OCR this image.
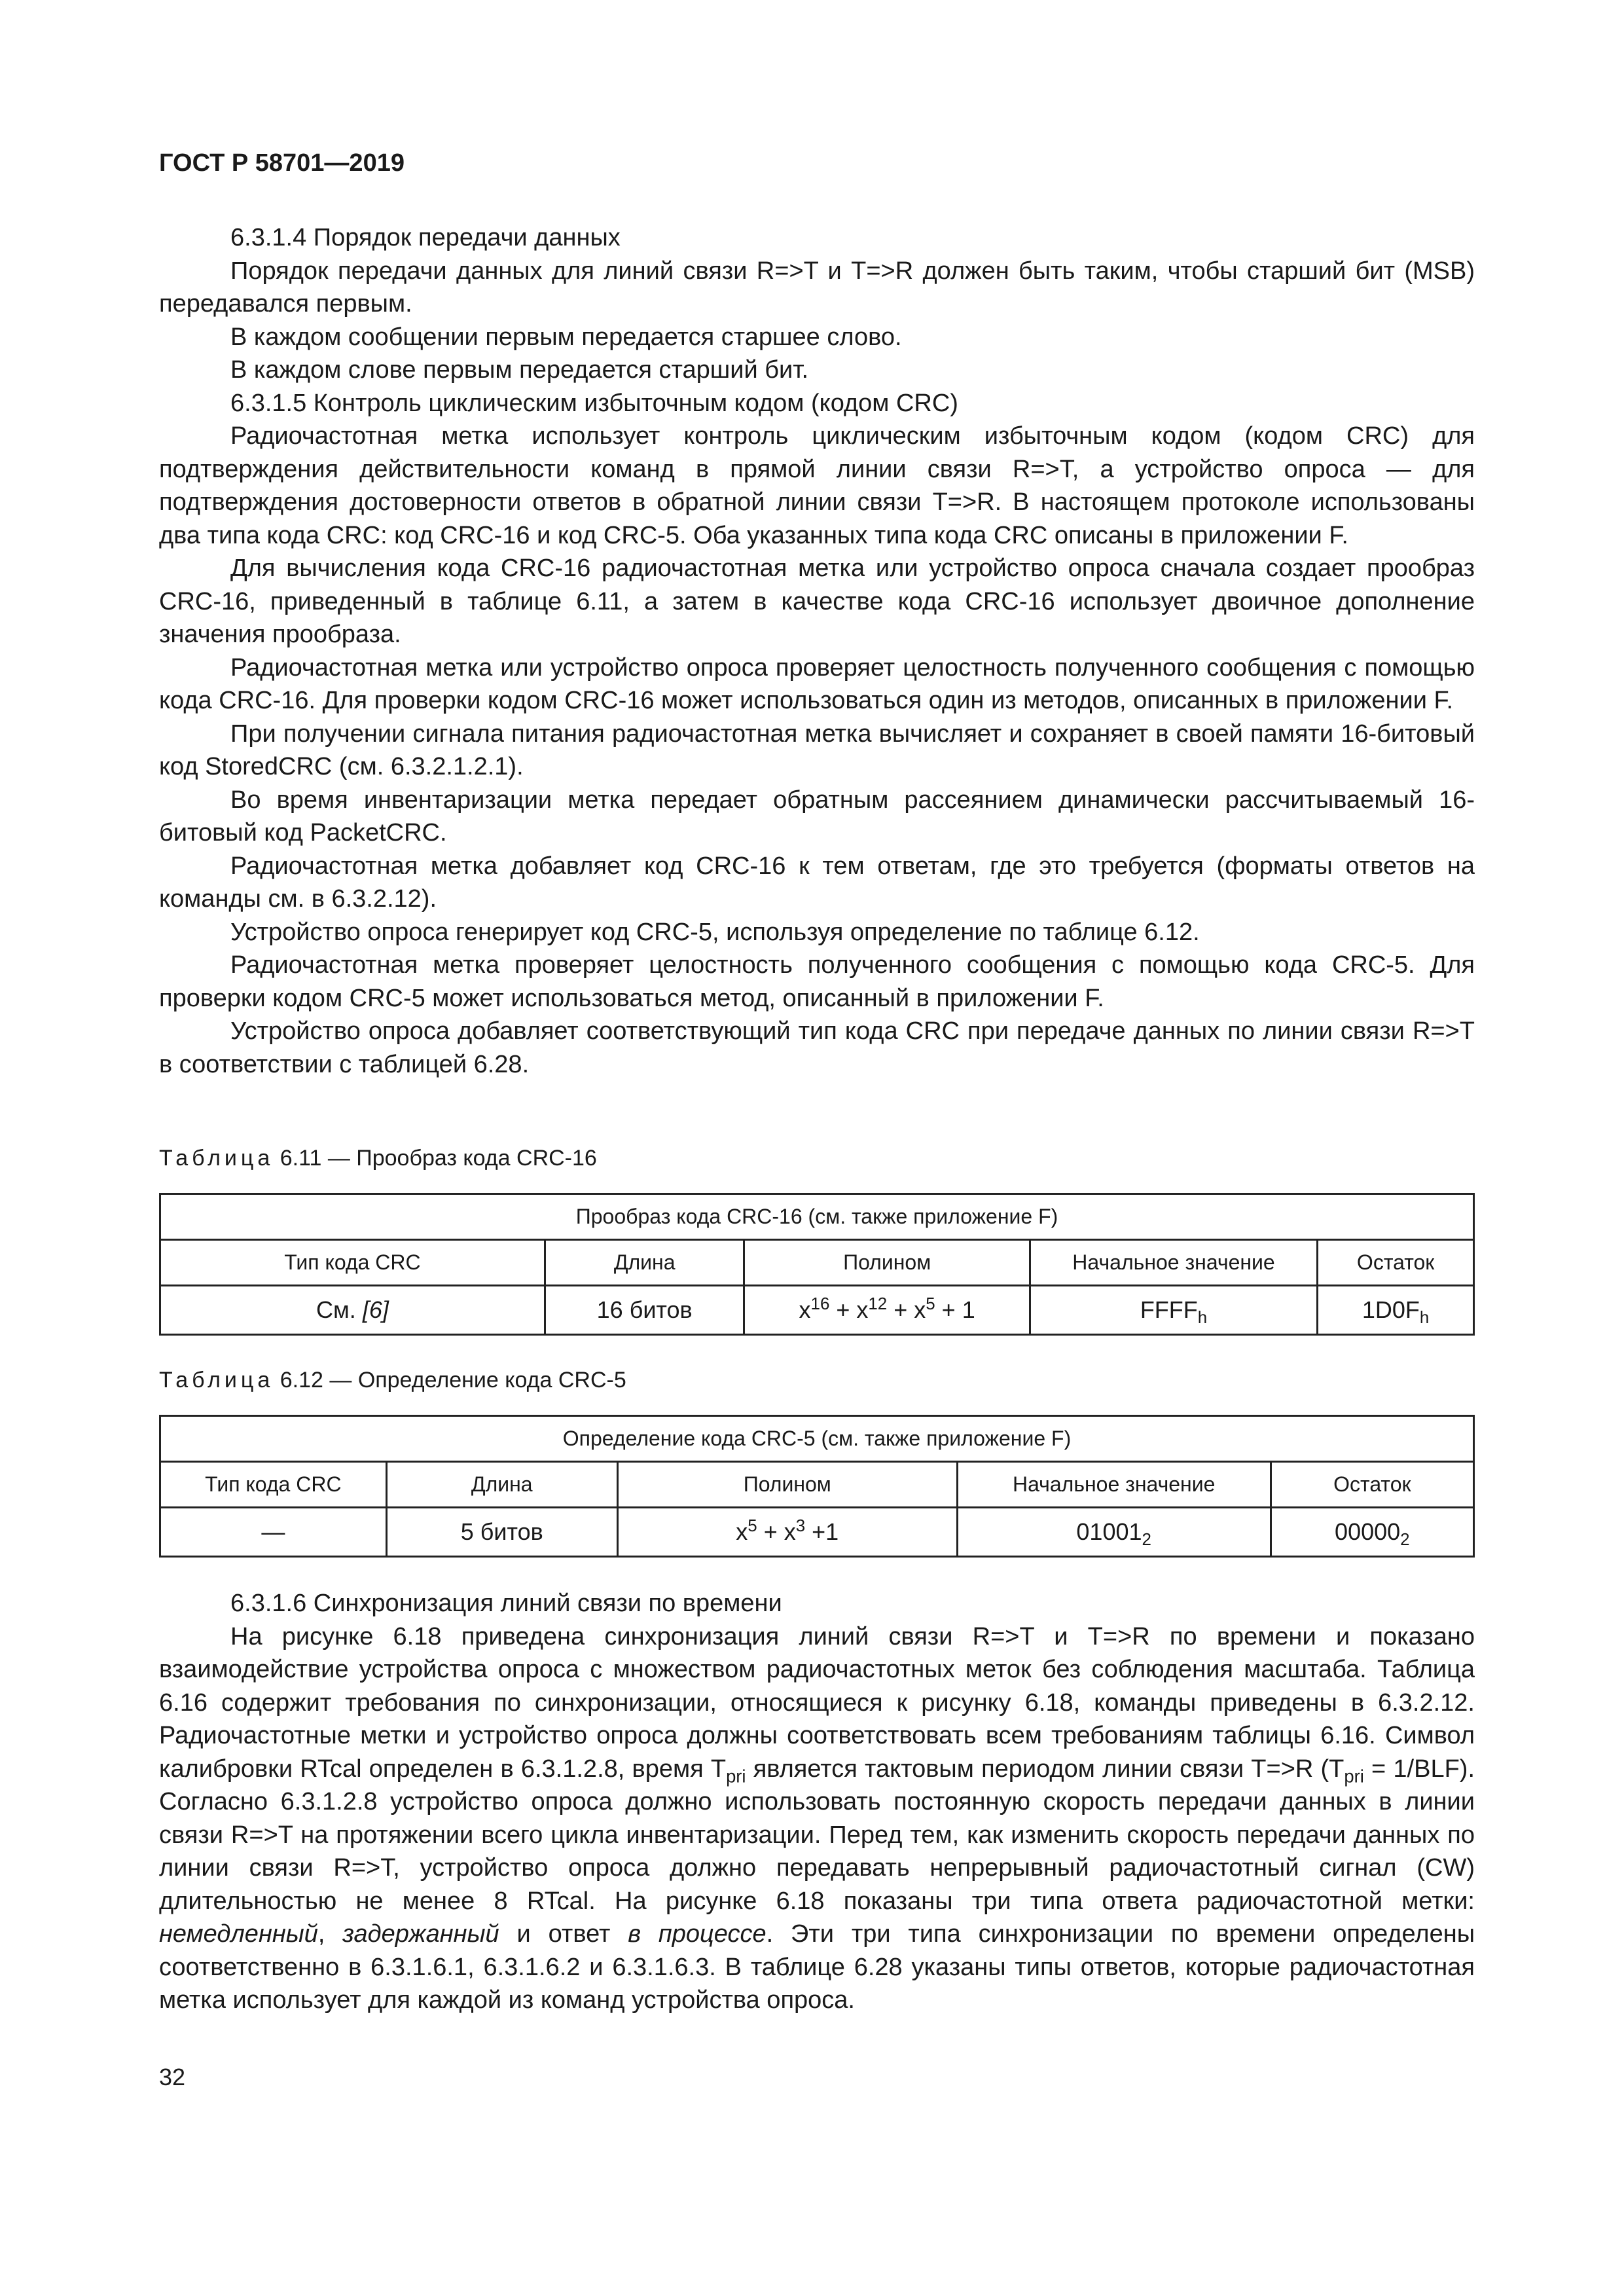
ГОСТ Р 58701—2019

6.3.1.4 Порядок передачи данных

Порядок передачи данных для линий связи R=>T и T=>R должен быть таким, чтобы старший бит (MSB) передавался первым.

В каждом сообщении первым передается старшее слово.

В каждом слове первым передается старший бит.

6.3.1.5 Контроль циклическим избыточным кодом (кодом CRC)

Радиочастотная метка использует контроль циклическим избыточным кодом (кодом CRC) для подтверждения действительности команд в прямой линии связи R=>T, а устройство опроса — для подтверждения достоверности ответов в обратной линии связи T=>R. В настоящем протоколе использованы два типа кода CRC: код CRC-16 и код CRC-5. Оба указанных типа кода CRC описаны в приложении F.

Для вычисления кода CRC-16 радиочастотная метка или устройство опроса сначала создает прообраз CRC-16, приведенный в таблице 6.11, а затем в качестве кода CRC-16 использует двоичное дополнение значения прообраза.

Радиочастотная метка или устройство опроса проверяет целостность полученного сообщения с помощью кода CRC-16. Для проверки кодом CRC-16 может использоваться один из методов, описанных в приложении F.

При получении сигнала питания радиочастотная метка вычисляет и сохраняет в своей памяти 16-битовый код StoredCRC (см. 6.3.2.1.2.1).

Во время инвентаризации метка передает обратным рассеянием динамически рассчитываемый 16-битовый код PacketCRC.

Радиочастотная метка добавляет код CRC-16 к тем ответам, где это требуется (форматы ответов на команды см. в 6.3.2.12).

Устройство опроса генерирует код CRC-5, используя определение по таблице 6.12.

Радиочастотная метка проверяет целостность полученного сообщения с помощью кода CRC-5. Для проверки кодом CRC-5 может использоваться метод, описанный в приложении F.

Устройство опроса добавляет соответствующий тип кода CRC при передаче данных по линии связи R=>T в соответствии с таблицей 6.28.

Таблица 6.11 — Прообраз кода CRC-16
Прообраз кода CRC-16 (см. также приложение F)				
Тип кода CRC	Длина	Полином	Начальное значение	Остаток
См. [6]	16 битов	$x^{16} + x^{12} + x^5 + 1$	$FFFF_h$	$1D0F_h$
Таблица 6.12 — Определение кода CRC-5
Определение кода CRC-5 (см. также приложение F)				
Тип кода CRC	Длина	Полином	Начальное значение	Остаток
—	5 битов	$x^5 + x^3 +1$	$01001_2$	$00000_2$

6.3.1.6 Синхронизация линий связи по времени

На рисунке 6.18 приведена синхронизация линий связи R=>T и T=>R по времени и показано взаимодействие устройства опроса с множеством радиочастотных меток без соблюдения масштаба. Таблица 6.16 содержит требования по синхронизации, относящиеся к рисунку 6.18, команды приведены в 6.3.2.12. Радиочастотные метки и устройство опроса должны соответствовать всем требованиям таблицы 6.16. Символ калибровки RTcal определен в 6.3.1.2.8, время $T_{pri}$ является тактовым периодом линии связи T=>R $(T_{pri} = 1/BLF)$. Согласно 6.3.1.2.8 устройство опроса должно использовать постоянную скорость передачи данных в линии связи R=>T на протяжении всего цикла инвентаризации. Перед тем, как изменить скорость передачи данных по линии связи R=>T, устройство опроса должно передавать непрерывный радиочастотный сигнал (CW) длительностью не менее 8 RTcal. На рисунке 6.18 показаны три типа ответа радиочастотной метки: немедленный, задержанный и ответ в процессе. Эти три типа синхронизации по времени определены соответственно в 6.3.1.6.1, 6.3.1.6.2 и 6.3.1.6.3. В таблице 6.28 указаны типы ответов, которые радиочастотная метка использует для каждой из команд устройства опроса.

32
